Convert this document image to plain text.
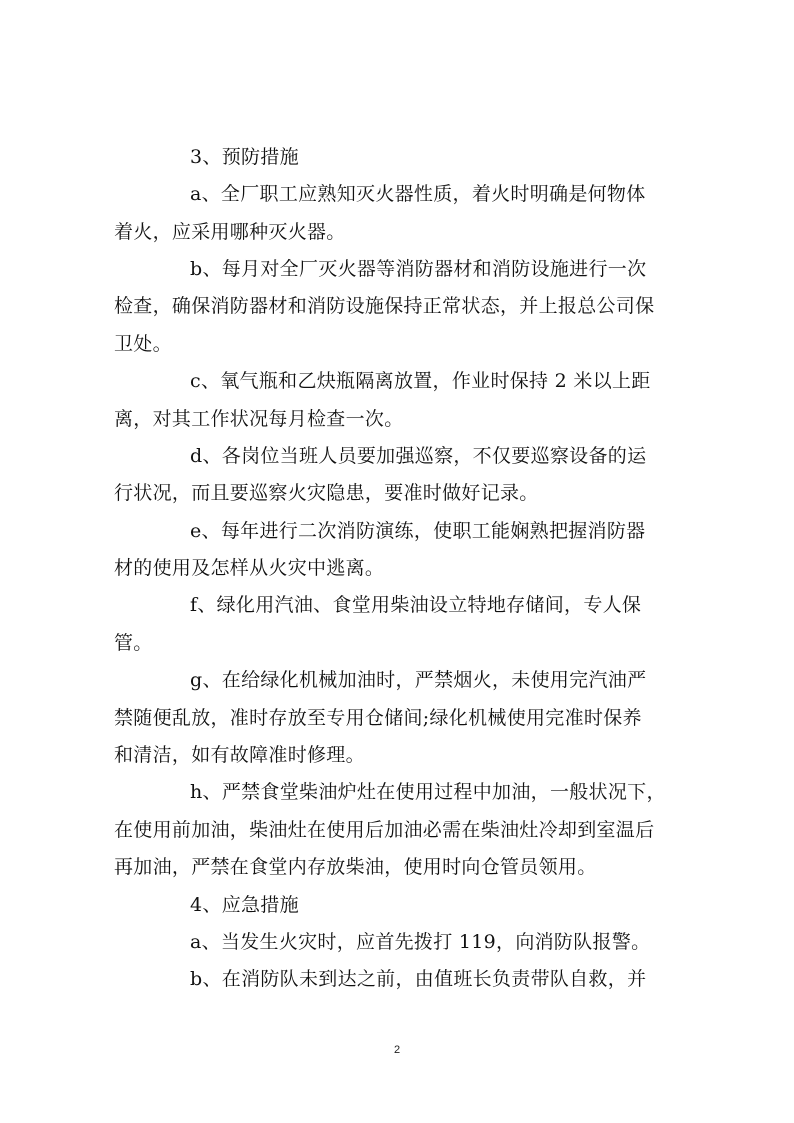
3、预防措施
a、全厂职工应熟知灭火器性质，着火时明确是何物体
着火，应采用哪种灭火器。
b、每月对全厂灭火器等消防器材和消防设施进行一次
检查，确保消防器材和消防设施保持正常状态，并上报总公司保
卫处。
c、氧气瓶和乙炔瓶隔离放置，作业时保持 2 米以上距
离，对其工作状况每月检查一次。
d、各岗位当班人员要加强巡察，不仅要巡察设备的运
行状况，而且要巡察火灾隐患，要准时做好记录。
e、每年进行二次消防演练，使职工能娴熟把握消防器
材的使用及怎样从火灾中逃离。
f、绿化用汽油、食堂用柴油设立特地存储间，专人保
管。
g、在给绿化机械加油时，严禁烟火，未使用完汽油严
禁随便乱放，准时存放至专用仓储间;绿化机械使用完准时保养
和清洁，如有故障准时修理。
h、严禁食堂柴油炉灶在使用过程中加油，一般状况下，
在使用前加油，柴油灶在使用后加油必需在柴油灶冷却到室温后
再加油，严禁在食堂内存放柴油，使用时向仓管员领用。
4、应急措施
a、当发生火灾时，应首先拨打 119，向消防队报警。
b、在消防队未到达之前，由值班长负责带队自救，并
2
